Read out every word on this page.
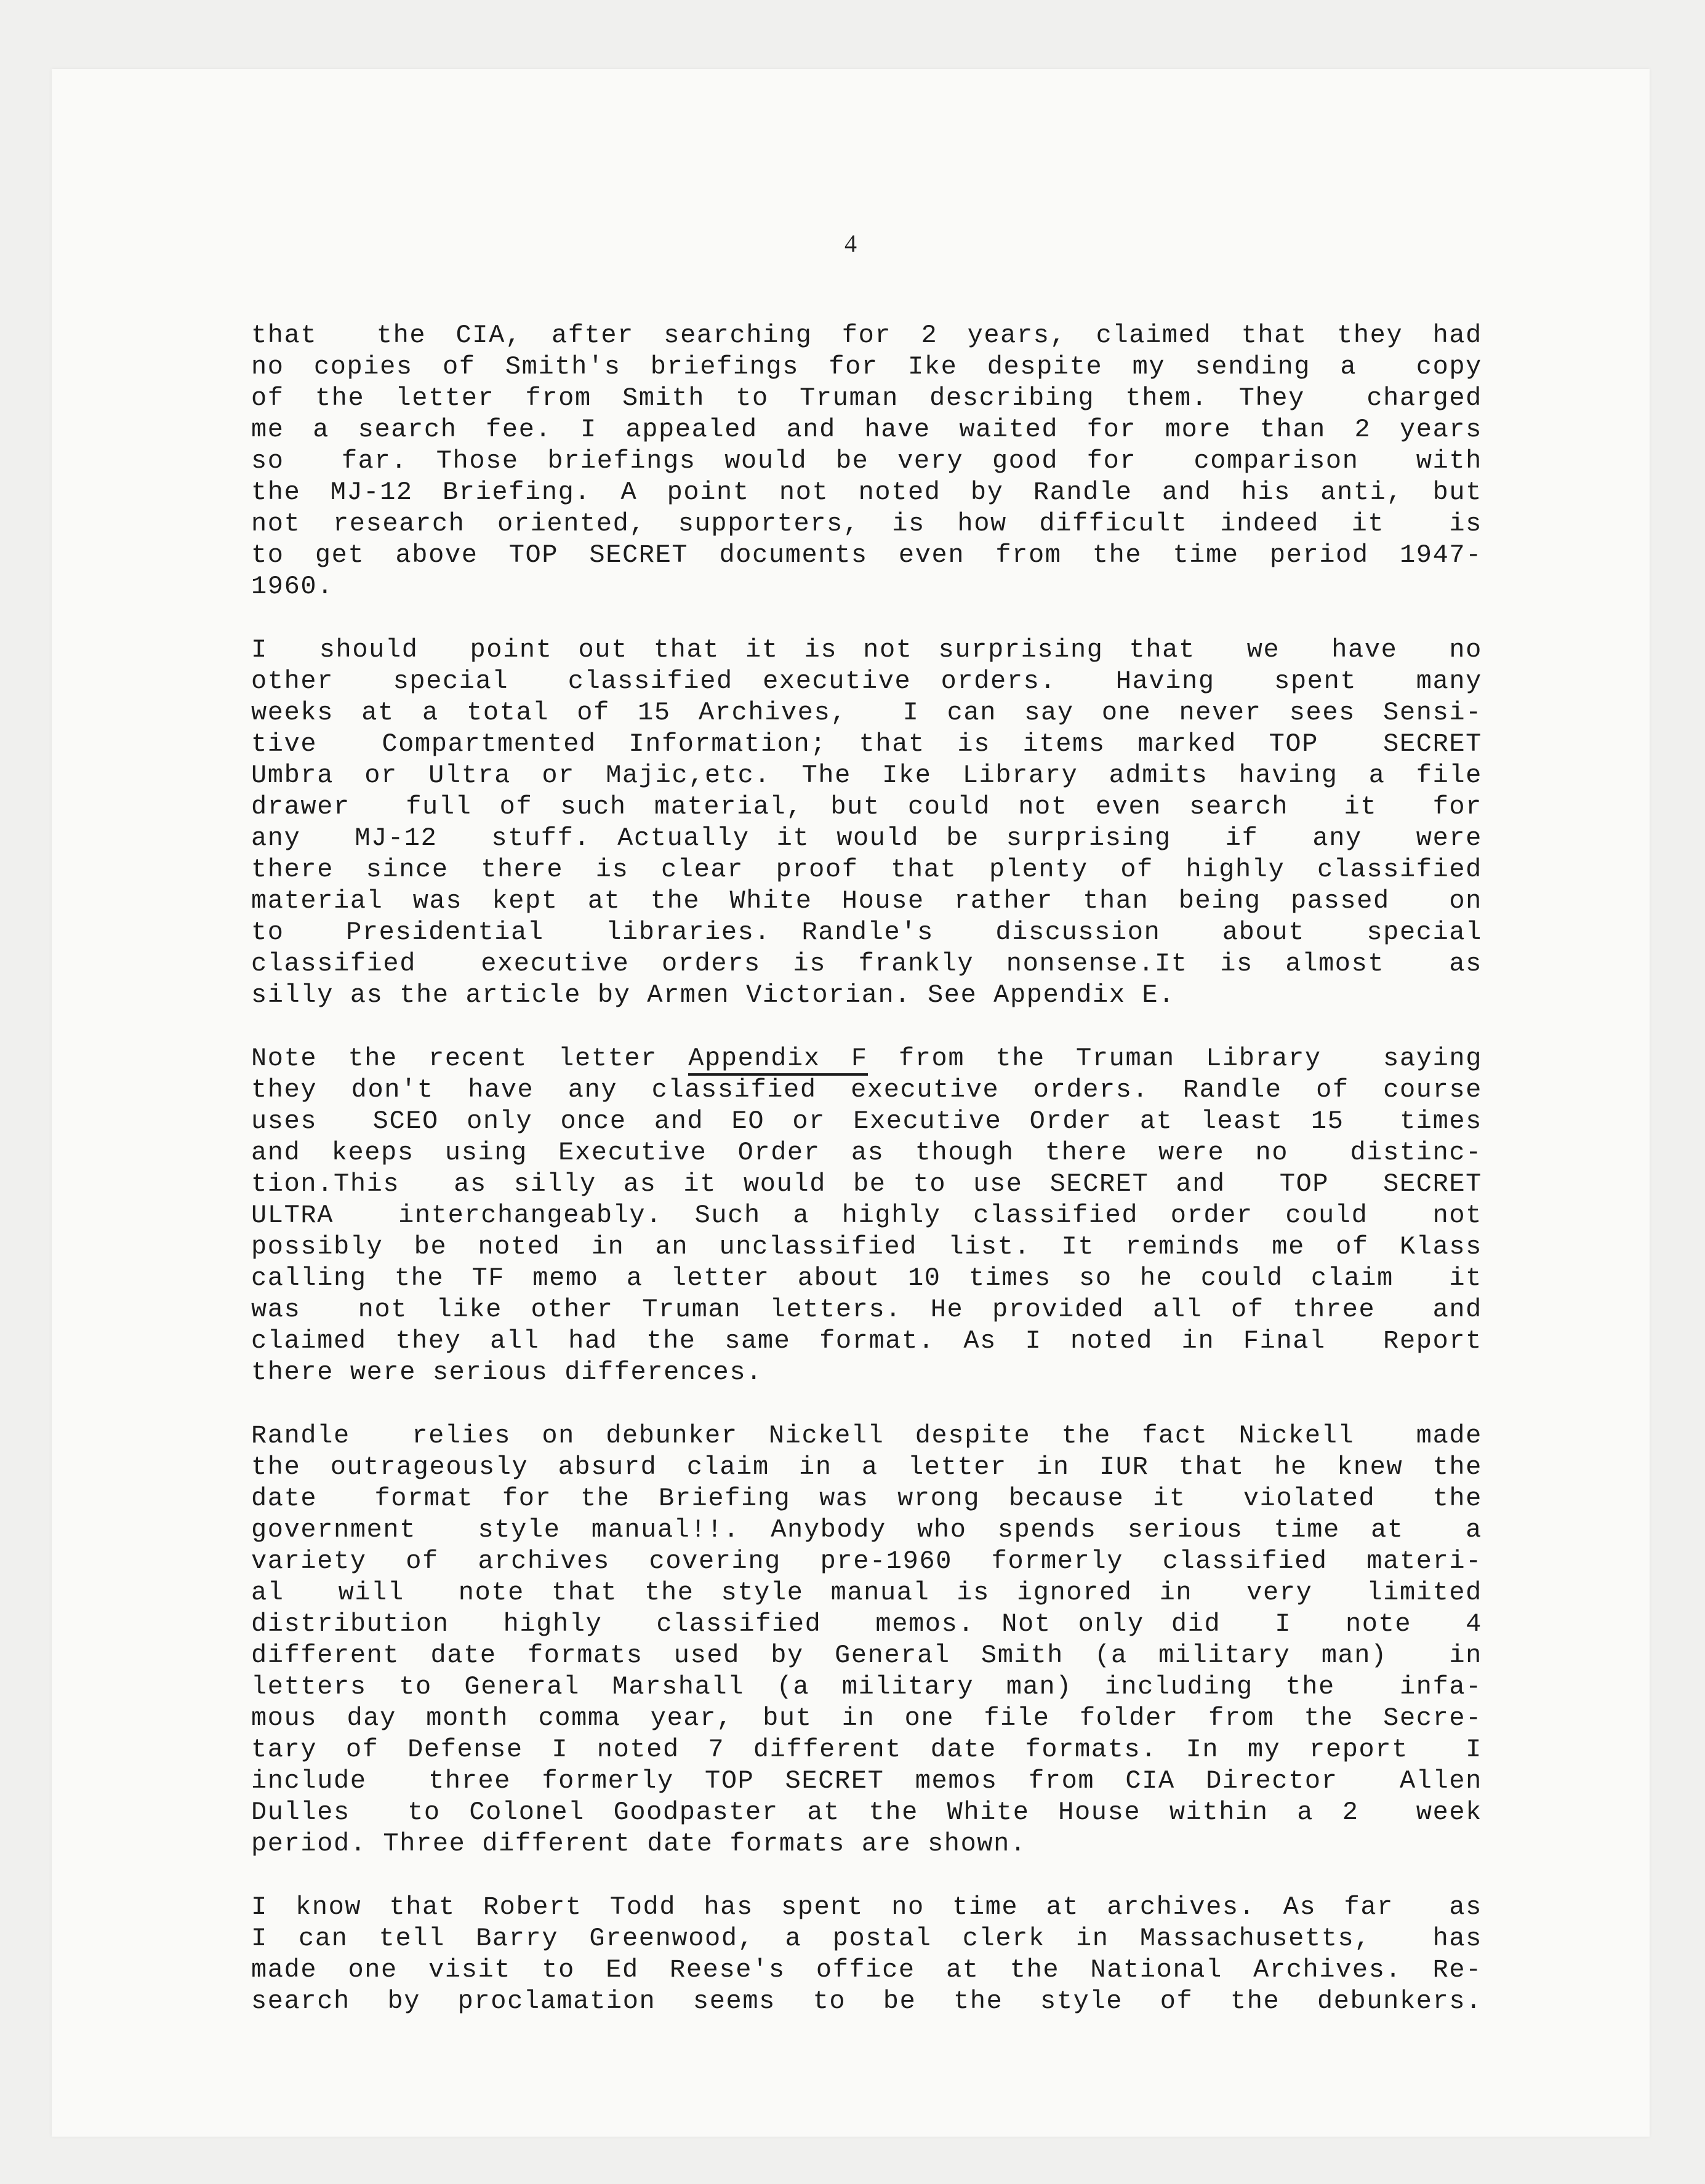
4
that  the CIA, after searching for 2 years, claimed that they had
no copies of Smith's briefings for Ike despite my sending a  copy
of the letter from Smith to Truman describing them. They  charged
me a search fee. I appealed and have waited for more than 2 years
so  far. Those briefings would be very good for  comparison  with
the MJ-12 Briefing. A point not noted by Randle and his anti, but
not research oriented, supporters, is how difficult indeed it  is
to get above TOP SECRET documents even from the time period 1947-
1960.
I  should  point out that it is not surprising that  we  have  no
other  special  classified executive orders.  Having  spent  many
weeks at a total of 15 Archives,  I can say one never sees Sensi-
tive  Compartmented Information; that is items marked TOP  SECRET
Umbra or Ultra or Majic,etc. The Ike Library admits having a file
drawer  full of such material, but could not even search  it  for
any  MJ-12  stuff. Actually it would be surprising  if  any  were
there since there is clear proof that plenty of highly classified
material was kept at the White House rather than being passed  on
to  Presidential  libraries. Randle's  discussion  about  special
classified  executive orders is frankly nonsense.It is almost  as
silly as the article by Armen Victorian. See Appendix E.
Note the recent letter Appendix F from the Truman Library  saying
they don't have any classified executive orders. Randle of course
uses  SCEO only once and EO or Executive Order at least 15  times
and keeps using Executive Order as though there were no  distinc-
tion.This  as silly as it would be to use SECRET and  TOP  SECRET
ULTRA  interchangeably. Such a highly classified order could  not
possibly be noted in an unclassified list. It reminds me of Klass
calling the TF memo a letter about 10 times so he could claim  it
was  not like other Truman letters. He provided all of three  and
claimed they all had the same format. As I noted in Final  Report
there were serious differences.
Randle  relies on debunker Nickell despite the fact Nickell  made
the outrageously absurd claim in a letter in IUR that he knew the
date  format for the Briefing was wrong because it  violated  the
government  style manual!!. Anybody who spends serious time at  a
variety of archives covering pre-1960 formerly classified materi-
al  will  note that the style manual is ignored in  very  limited
distribution  highly  classified  memos. Not only did  I  note  4
different date formats used by General Smith (a military man)  in
letters to General Marshall (a military man) including the  infa-
mous day month comma year, but in one file folder from the Secre-
tary of Defense I noted 7 different date formats. In my report  I
include  three formerly TOP SECRET memos from CIA Director  Allen
Dulles  to Colonel Goodpaster at the White House within a 2  week
period. Three different date formats are shown.
I know that Robert Todd has spent no time at archives. As far  as
I can tell Barry Greenwood, a postal clerk in Massachusetts,  has
made one visit to Ed Reese's office at the National Archives. Re-
search by proclamation seems to be the style of the debunkers.
